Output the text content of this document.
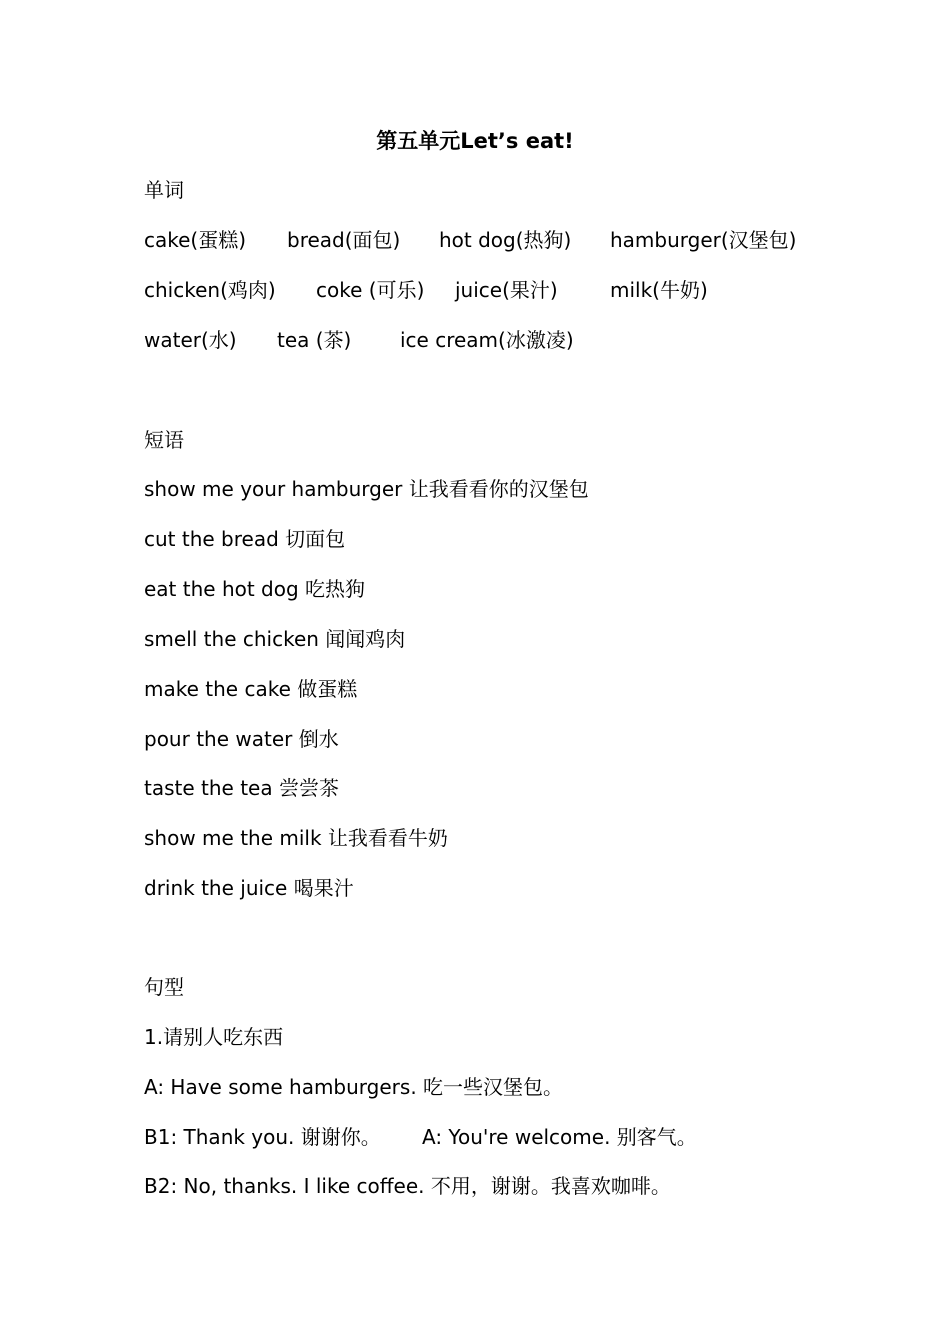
第五单元Let’s eat!
单词
cake(蛋糕) bread(面包) hot dog(热狗) hamburger(汉堡包)
chicken(鸡肉) coke (可乐) juice(果汁)	milk(牛奶)
water(水) tea (茶) ice cream(冰激凌)
短语
show me your hamburger 让我看看你的汉堡包
cut the bread 切面包
eat the hot dog 吃热狗
smell the chicken 闻闻鸡肉
make the cake 做蛋糕
pour the water 倒水
taste the tea 尝尝茶
show me the milk 让我看看牛奶
drink the juice 喝果汁
句型
1.请别人吃东西
A: Have some hamburgers. 吃一些汉堡包。
B1: Thank you. 谢谢你。 A: You're welcome. 别客气。
B2: No, thanks. I like coffee. 不用，谢谢。我喜欢咖啡。
